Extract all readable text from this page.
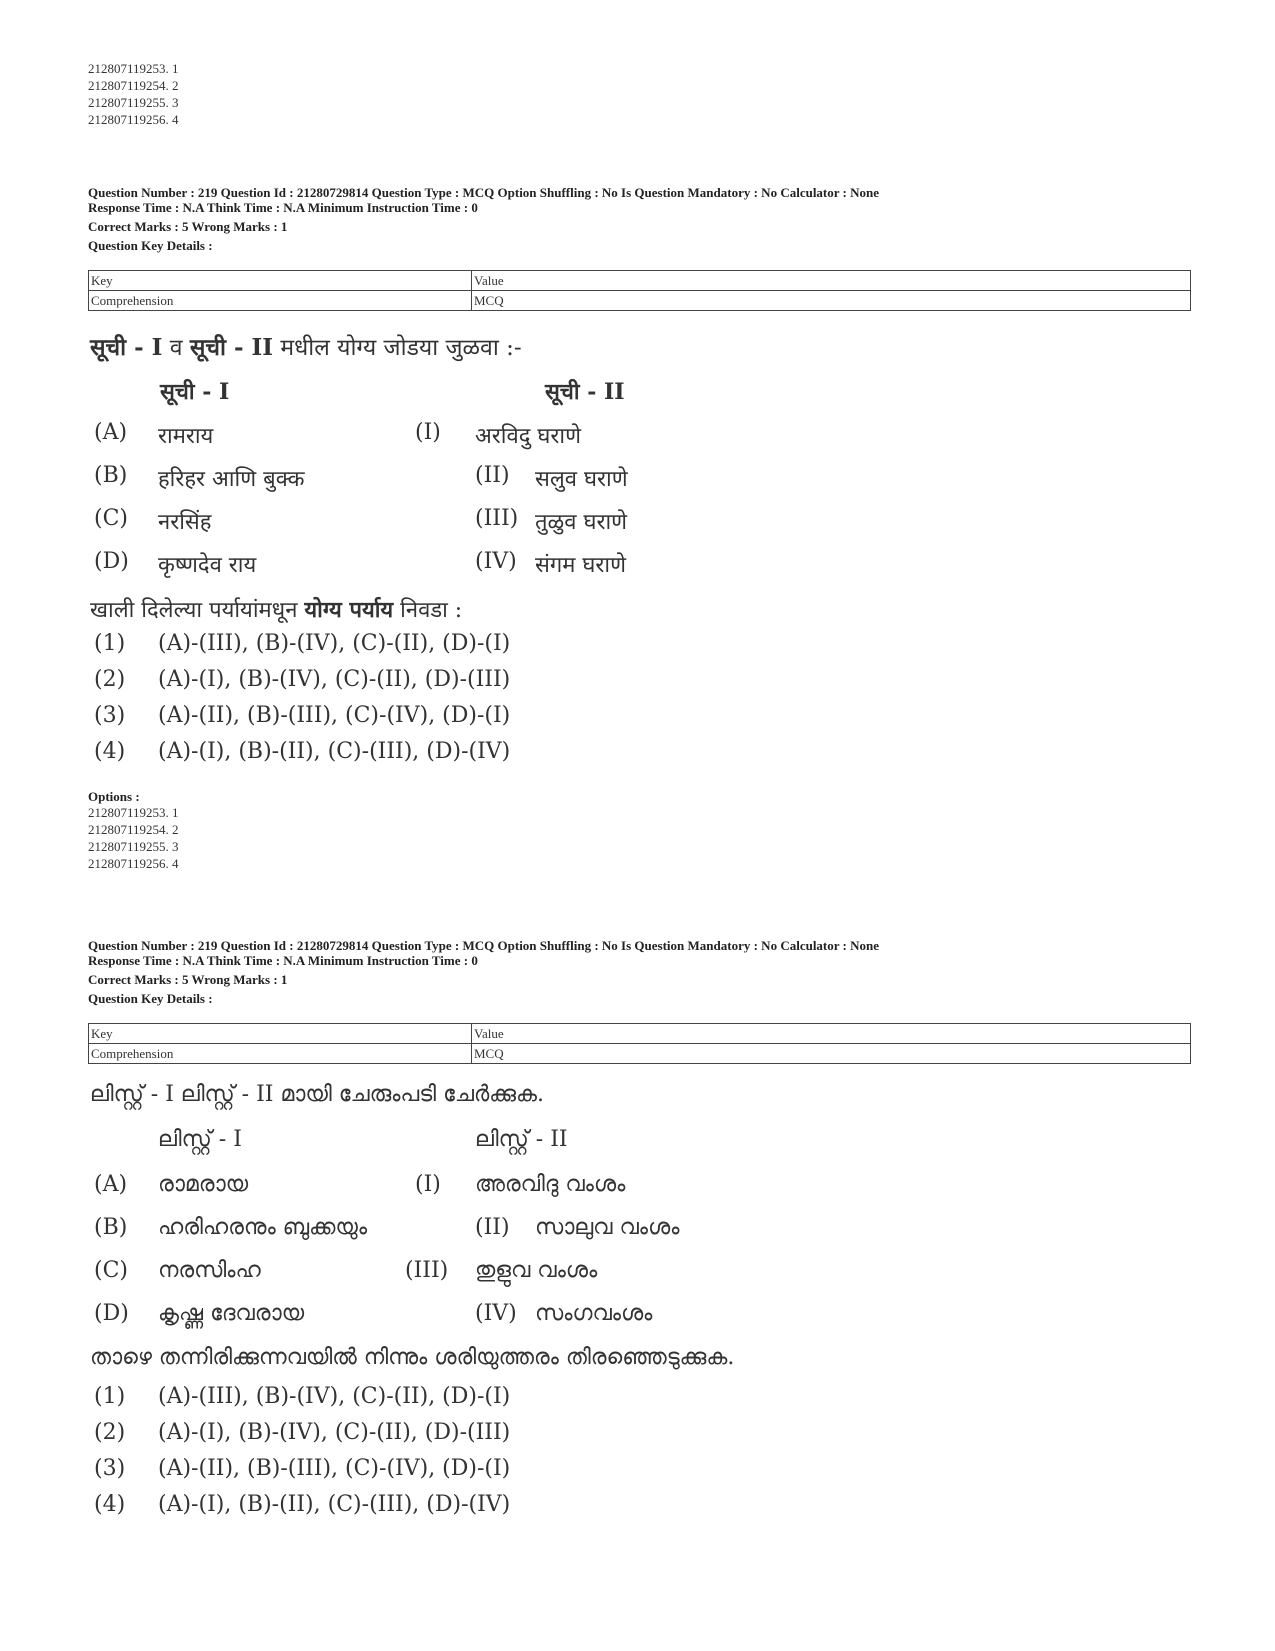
212807119253. 1
212807119254. 2
212807119255. 3
212807119256. 4
Question Number : 219 Question Id : 21280729814 Question Type : MCQ Option Shuffling : No Is Question Mandatory : No Calculator : None
Response Time : N.A Think Time : N.A Minimum Instruction Time : 0
Correct Marks : 5 Wrong Marks : 1
Question Key Details :
Key	Value
Comprehension	MCQ
सूची - I व सूची - II मधील योग्य जोडया जुळवा :-
सूची - I	सूची - II
(A) रामराय	(I) अरविदु घराणे
(B) हरिहर आणि बुक्क	(II) सलुव घराणे
(C) नरसिंह	(III) तुळुव घराणे
(D) कृष्णदेव राय	(IV) संगम घराणे
खाली दिलेल्या पर्यायांमधून योग्य पर्याय निवडा :
(1) (A)-(III), (B)-(IV), (C)-(II), (D)-(I)
(2) (A)-(I), (B)-(IV), (C)-(II), (D)-(III)
(3) (A)-(II), (B)-(III), (C)-(IV), (D)-(I)
(4) (A)-(I), (B)-(II), (C)-(III), (D)-(IV)
Options :
212807119253. 1
212807119254. 2
212807119255. 3
212807119256. 4
Question Number : 219 Question Id : 21280729814 Question Type : MCQ Option Shuffling : No Is Question Mandatory : No Calculator : None
Response Time : N.A Think Time : N.A Minimum Instruction Time : 0
Correct Marks : 5 Wrong Marks : 1
Question Key Details :
Key	Value
Comprehension	MCQ
ലിസ്റ്റ് - I ലിസ്റ്റ് - II മായി ചേരുംപടി ചേർക്കുക.
ലിസ്റ്റ് - I	ലിസ്റ്റ് - II
(A) രാമരായ	(I) അരവിദു വംശം
(B) ഹരിഹരനും ബുക്കയും	(II) സാലുവ വംശം
(C) നരസിംഹ	(III) തുളുവ വംശം
(D) കൃഷ്ണ ദേവരായ	(IV) സംഗവംശം
താഴെ തന്നിരിക്കുന്നവയിൽ നിന്നും ശരിയുത്തരം തിരഞ്ഞെടുക്കുക.
(1) (A)-(III), (B)-(IV), (C)-(II), (D)-(I)
(2) (A)-(I), (B)-(IV), (C)-(II), (D)-(III)
(3) (A)-(II), (B)-(III), (C)-(IV), (D)-(I)
(4) (A)-(I), (B)-(II), (C)-(III), (D)-(IV)
